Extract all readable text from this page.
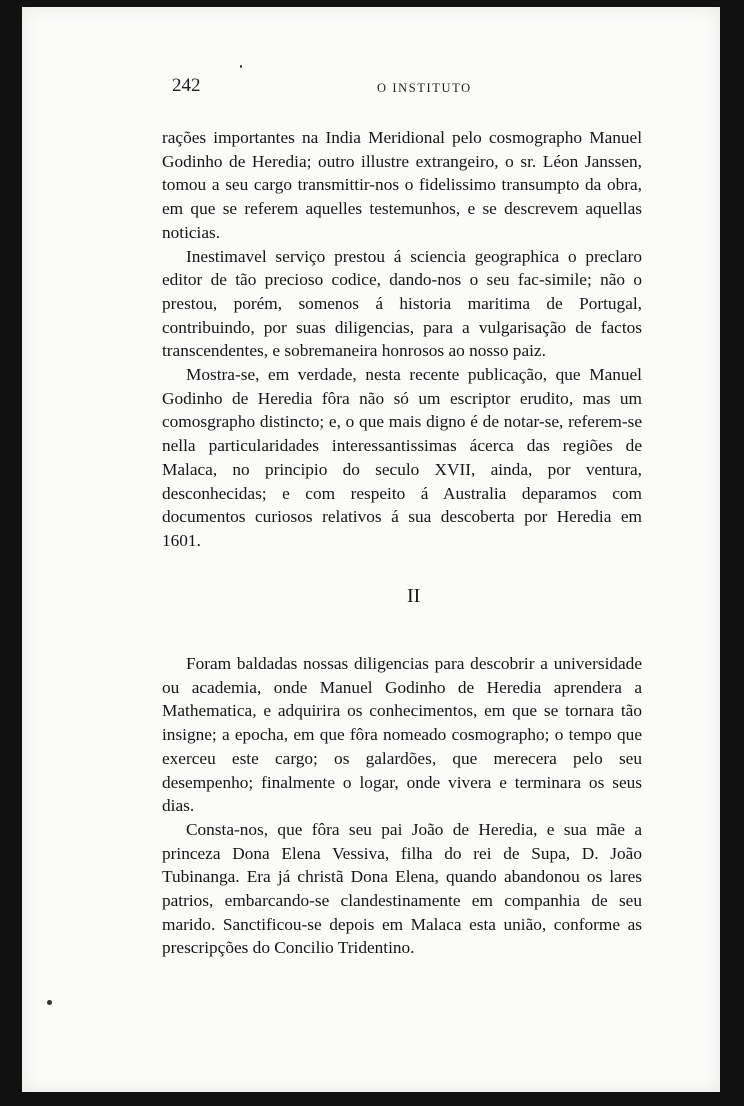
242	O INSTITUTO

rações importantes na India Meridional pelo cosmographo Manuel Godinho de Heredia; outro illustre extrangeiro, o sr. Léon Janssen, tomou a seu cargo transmittir-nos o fidelissimo transumpto da obra, em que se referem aquelles testemunhos, e se descrevem aquellas noticias.

Inestimavel serviço prestou á sciencia geographica o preclaro editor de tão precioso codice, dando-nos o seu fac-simile; não o prestou, porém, somenos á historia maritima de Portugal, contribuindo, por suas diligencias, para a vulgarisação de factos transcendentes, e sobremaneira honrosos ao nosso paiz.

Mostra-se, em verdade, nesta recente publicação, que Manuel Godinho de Heredia fôra não só um escriptor erudito, mas um comosgrapho distincto; e, o que mais digno é de notar-se, referem-se nella particularidades interessantissimas ácerca das regiões de Malaca, no principio do seculo XVII, ainda, por ventura, desconhecidas; e com respeito á Australia deparamos com documentos curiosos relativos á sua descoberta por Heredia em 1601.

II

Foram baldadas nossas diligencias para descobrir a universidade ou academia, onde Manuel Godinho de Heredia aprendera a Mathematica, e adquirira os conhecimentos, em que se tornara tão insigne; a epocha, em que fôra nomeado cosmographo; o tempo que exerceu este cargo; os galardões, que merecera pelo seu desempenho; finalmente o logar, onde vivera e terminara os seus dias.

Consta-nos, que fôra seu pai João de Heredia, e sua mãe a princeza Dona Elena Vessiva, filha do rei de Supa, D. João Tubinanga. Era já christã Dona Elena, quando abandonou os lares patrios, embarcando-se clandestinamente em companhia de seu marido. Sanctificou-se depois em Malaca esta união, conforme as prescripções do Concilio Tridentino.
